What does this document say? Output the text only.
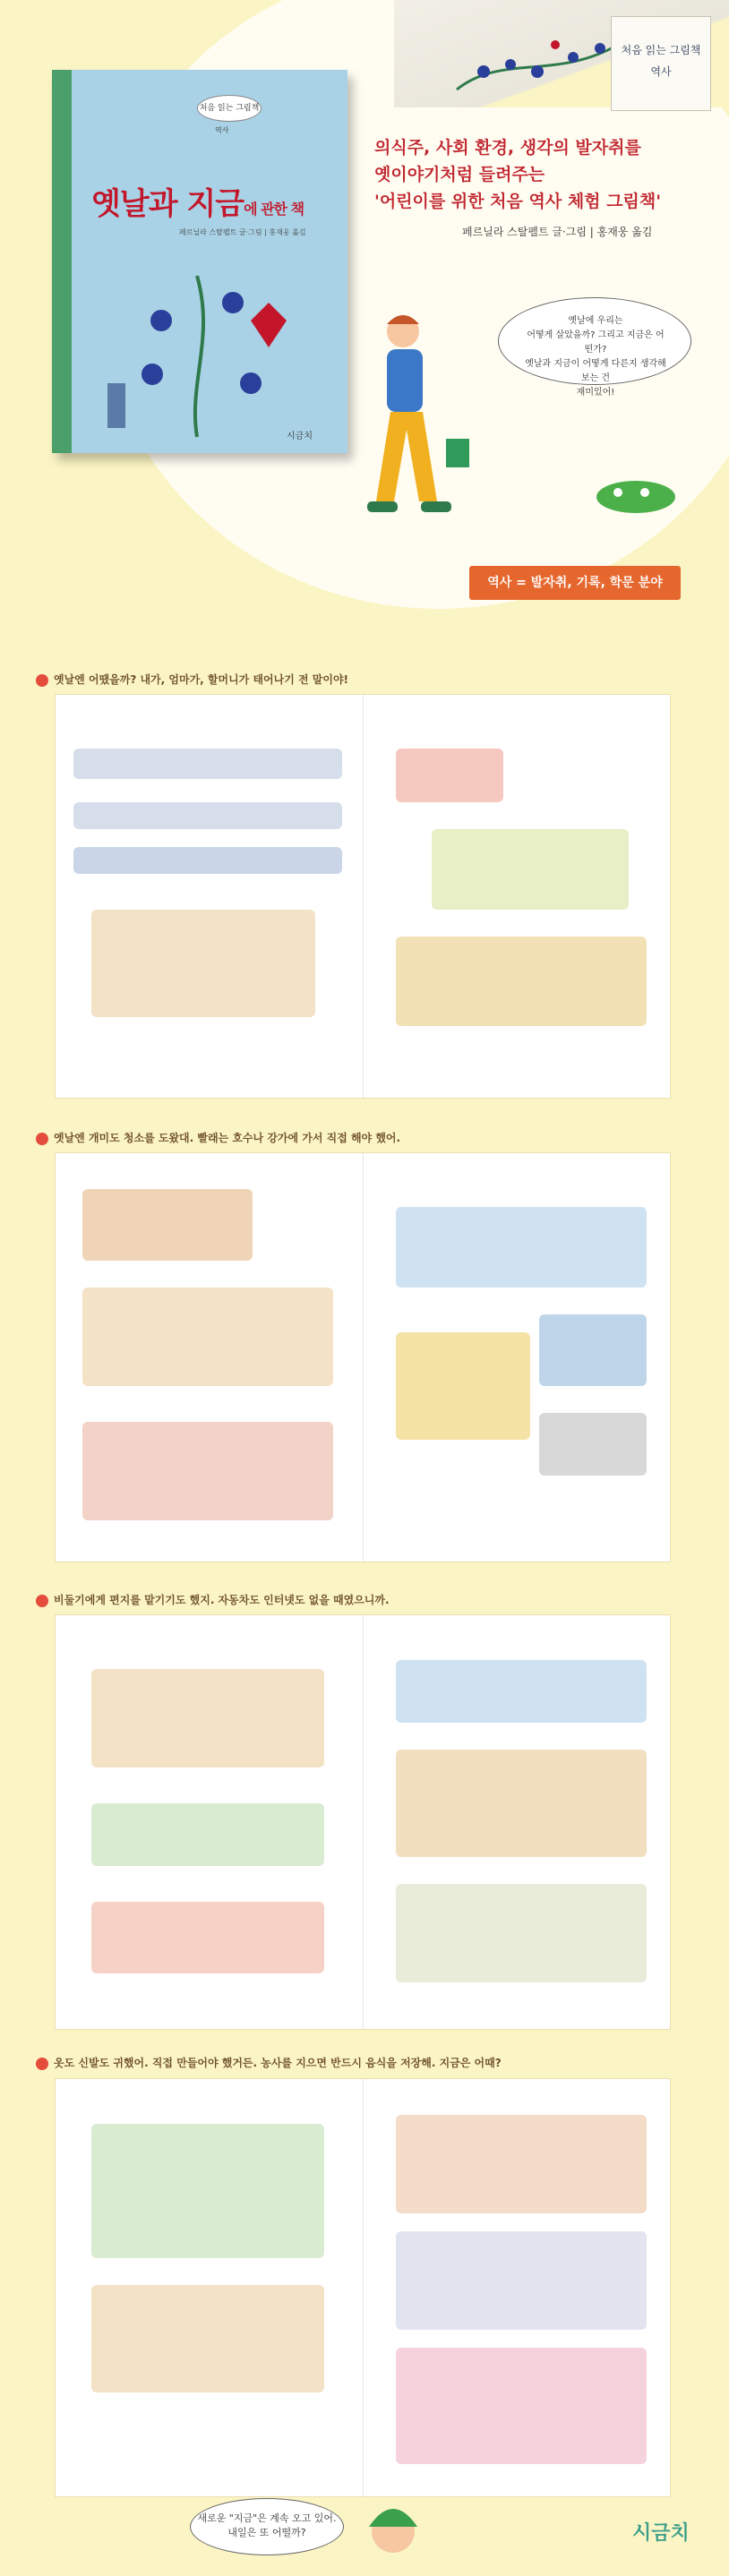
처음 읽는 그림책
역사
처음 읽는 그림책
역사
옛날과 지금에 관한 책
페르닐라 스탈펠트 글·그림 | 홍재웅 옮김
시금치
의식주, 사회 환경, 생각의 발자취를
옛이야기처럼 들려주는
'어린이를 위한 처음 역사 체험 그림책'
페르닐라 스탈펠트 글·그림 | 홍재웅 옮김
옛날에 우리는
어떻게 살았을까? 그리고 지금은 어떤가?
옛날과 지금이 어떻게 다른지 생각해 보는 건
재미있어!
역사 = 발자취, 기록, 학문 분야
옛날엔 어땠을까? 내가, 엄마가, 할머니가 태어나기 전 말이야!
옛날엔 개미도 청소를 도왔대. 빨래는 호수나 강가에 가서 직접 해야 했어.
비둘기에게 편지를 맡기기도 했지. 자동차도 인터넷도 없을 때였으니까.
옷도 신발도 귀했어. 직접 만들어야 했거든. 농사를 지으면 반드시 음식을 저장해. 지금은 어때?
새로운 "지금"은 계속 오고 있어.
내일은 또 어떨까?	시금치
